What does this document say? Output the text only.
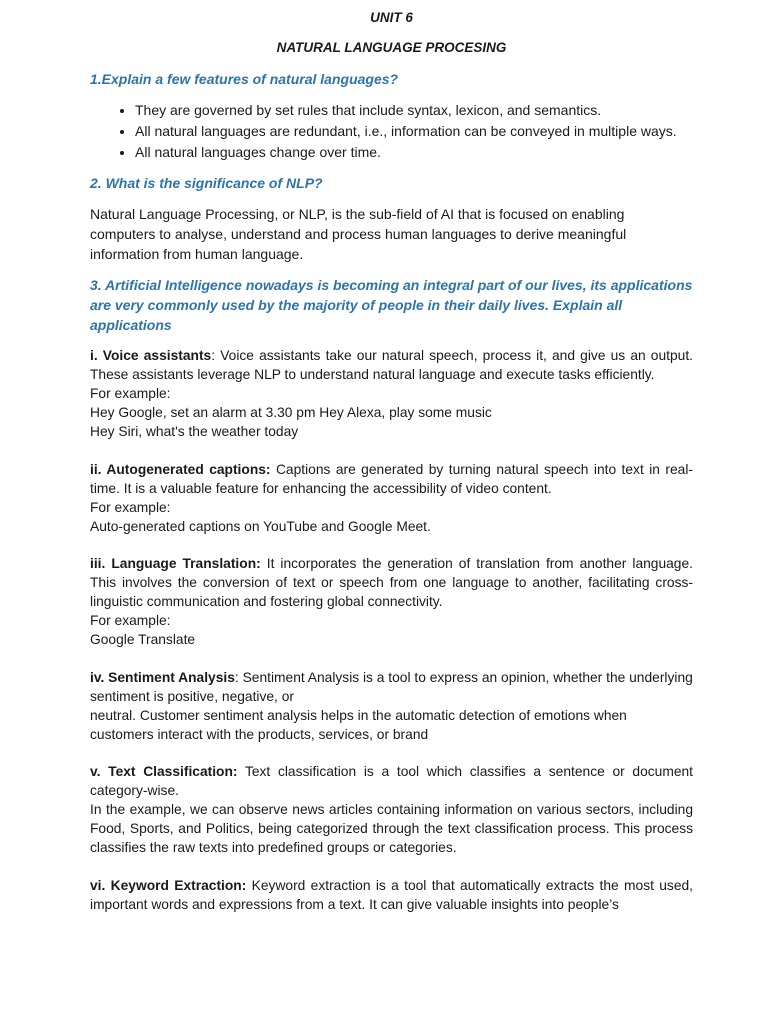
UNIT 6
NATURAL LANGUAGE PROCESING
1.Explain a few features of natural languages?
• They are governed by set rules that include syntax, lexicon, and semantics.
• All natural languages are redundant, i.e., information can be conveyed in multiple ways.
• All natural languages change over time.
2. What is the significance of NLP?

Natural Language Processing, or NLP, is the sub-field of AI that is focused on enabling computers to analyse, understand and process human languages to derive meaningful information from human language.

3. Artificial Intelligence nowadays is becoming an integral part of our lives, its applications are very commonly used by the majority of people in their daily lives. Explain all applications
i. Voice assistants: Voice assistants take our natural speech, process it, and give us an output. These assistants leverage NLP to understand natural language and execute tasks efficiently.
For example:
Hey Google, set an alarm at 3.30 pm Hey Alexa, play some music
Hey Siri, what's the weather today
ii. Autogenerated captions: Captions are generated by turning natural speech into text in real-time. It is a valuable feature for enhancing the accessibility of video content.
For example:
Auto-generated captions on YouTube and Google Meet.
iii. Language Translation: It incorporates the generation of translation from another language. This involves the conversion of text or speech from one language to another, facilitating cross-linguistic communication and fostering global connectivity.
For example:
Google Translate
iv. Sentiment Analysis: Sentiment Analysis is a tool to express an opinion, whether the underlying sentiment is positive, negative, or
neutral. Customer sentiment analysis helps in the automatic detection of emotions when customers interact with the products, services, or brand
v. Text Classification: Text classification is a tool which classifies a sentence or document category-wise.
In the example, we can observe news articles containing information on various sectors, including Food, Sports, and Politics, being categorized through the text classification process. This process classifies the raw texts into predefined groups or categories.
vi. Keyword Extraction: Keyword extraction is a tool that automatically extracts the most used, important words and expressions from a text. It can give valuable insights into people’s
